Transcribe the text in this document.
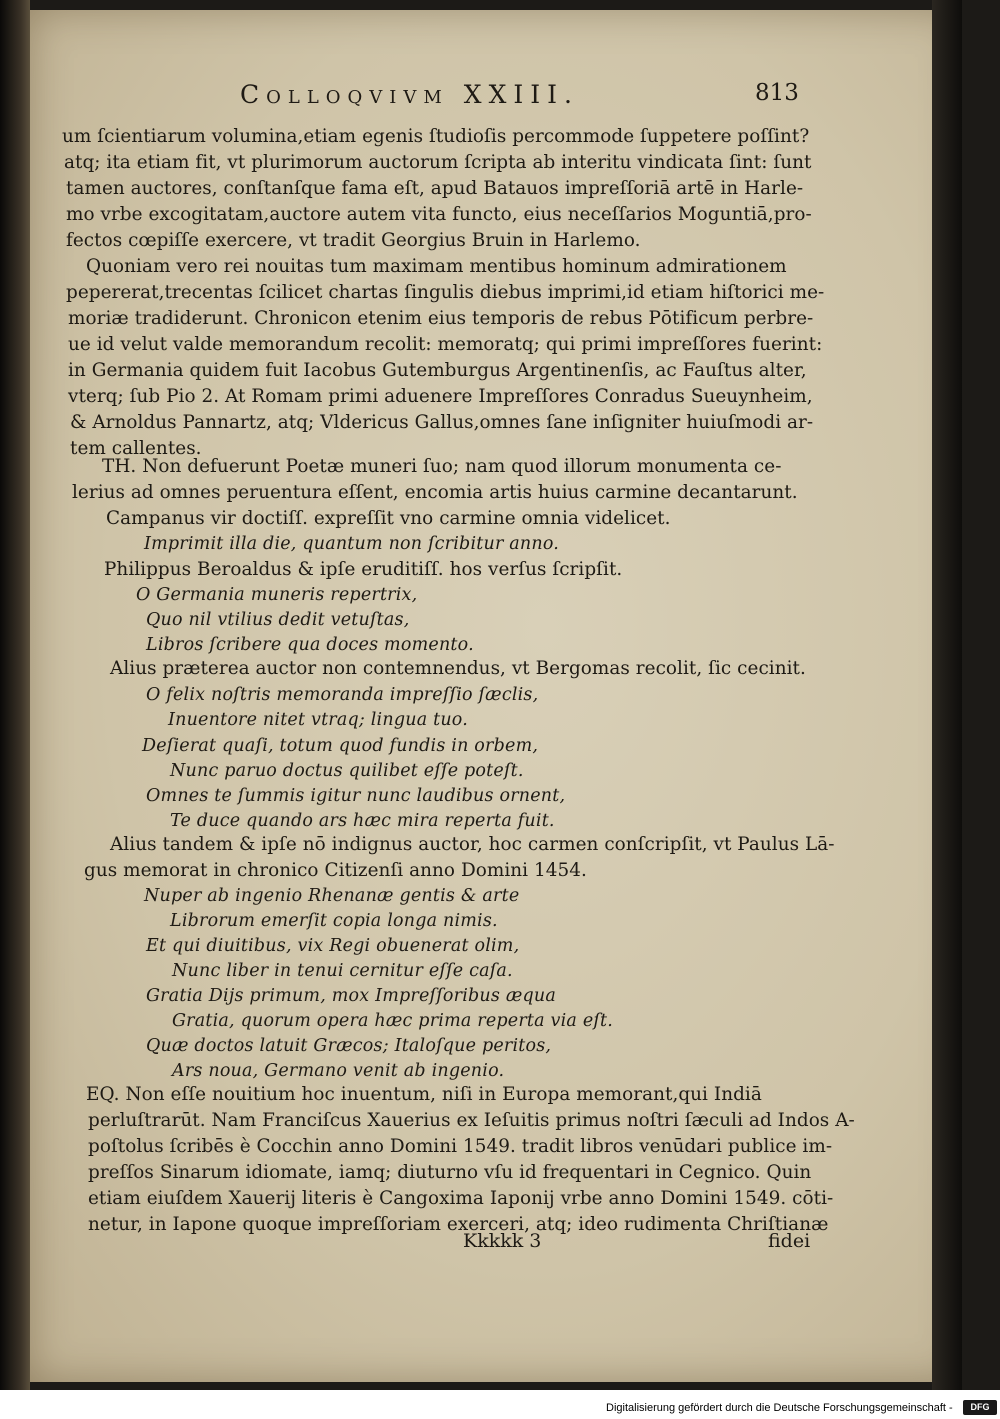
Colloqvivm XXIII.	813
um ſcientiarum volumina,etiam egenis ſtudioſis percommode ſuppetere poſſint?
atq; ita etiam fit, vt plurimorum auctorum ſcripta ab interitu vindicata ſint: ſunt
tamen auctores, conſtanſque fama eſt, apud Batauos impreſſoriā artē in Harle-
mo vrbe excogitatam,auctore autem vita functo, eius neceſſarios Moguntiā,pro-
fectos cœpiſſe exercere, vt tradit Georgius Bruin in Harlemo.
Quoniam vero rei nouitas tum maximam mentibus hominum admirationem
pepererat,trecentas ſcilicet chartas ſingulis diebus imprimi,id etiam hiſtorici me-
moriæ tradiderunt. Chronicon etenim eius temporis de rebus Pōtificum perbre-
ue id velut valde memorandum recolit: memoratq; qui primi impreſſores fuerint:
in Germania quidem fuit Iacobus Gutemburgus Argentinenſis, ac Fauſtus alter,
vterq; ſub Pio 2. At Romam primi aduenere Impreſſores Conradus Sueuynheim,
& Arnoldus Pannartz, atq; Vldericus Gallus,omnes ſane inſigniter huiuſmodi ar-
tem callentes.
TH. Non defuerunt Poetæ muneri ſuo; nam quod illorum monumenta ce-
lerius ad omnes peruentura eſſent, encomia artis huius carmine decantarunt.
Campanus vir doctiſſ. expreſſit vno carmine omnia videlicet.
Imprimit illa die, quantum non ſcribitur anno.
Philippus Beroaldus & ipſe eruditiſſ. hos verſus ſcripſit.
O Germania muneris repertrix,
Quo nil vtilius dedit vetuſtas,
Libros ſcribere qua doces momento.
Alius præterea auctor non contemnendus, vt Bergomas recolit, ſic cecinit.
O felix noſtris memoranda impreſſio ſæclis,
Inuentore nitet vtraq; lingua tuo.
Deſierat quaſi, totum quod fundis in orbem,
Nunc paruo doctus quilibet eſſe poteſt.
Omnes te ſummis igitur nunc laudibus ornent,
Te duce quando ars hæc mira reperta fuit.
Alius tandem & ipſe nō indignus auctor, hoc carmen conſcripſit, vt Paulus Lā-
gus memorat in chronico Citizenſi anno Domini 1454.
Nuper ab ingenio Rhenanæ gentis & arte
Librorum emerſit copia longa nimis.
Et qui diuitibus, vix Regi obuenerat olim,
Nunc liber in tenui cernitur eſſe caſa.
Gratia Dijs primum, mox Impreſſoribus æqua
Gratia, quorum opera hæc prima reperta via eſt.
Quæ doctos latuit Græcos; Italoſque peritos,
Ars noua, Germano venit ab ingenio.
EQ. Non eſſe nouitium hoc inuentum, niſi in Europa memorant,qui Indiā
perluſtrarūt. Nam Franciſcus Xauerius ex Ieſuitis primus noſtri ſæculi ad Indos A-
poſtolus ſcribēs è Cocchin anno Domini 1549. tradit libros venūdari publice im-
preſſos Sinarum idiomate, iamq; diuturno vſu id frequentari in Cegnico. Quin
etiam eiuſdem Xauerij literis è Cangoxima Iaponij vrbe anno Domini 1549. cōti-
netur, in Iapone quoque impreſſoriam exerceri, atq; ideo rudimenta Chriſtianæ
Kkkkk 3	fidei
Digitalisierung gefördert durch die Deutsche Forschungsgemeinschaft -	DFG
